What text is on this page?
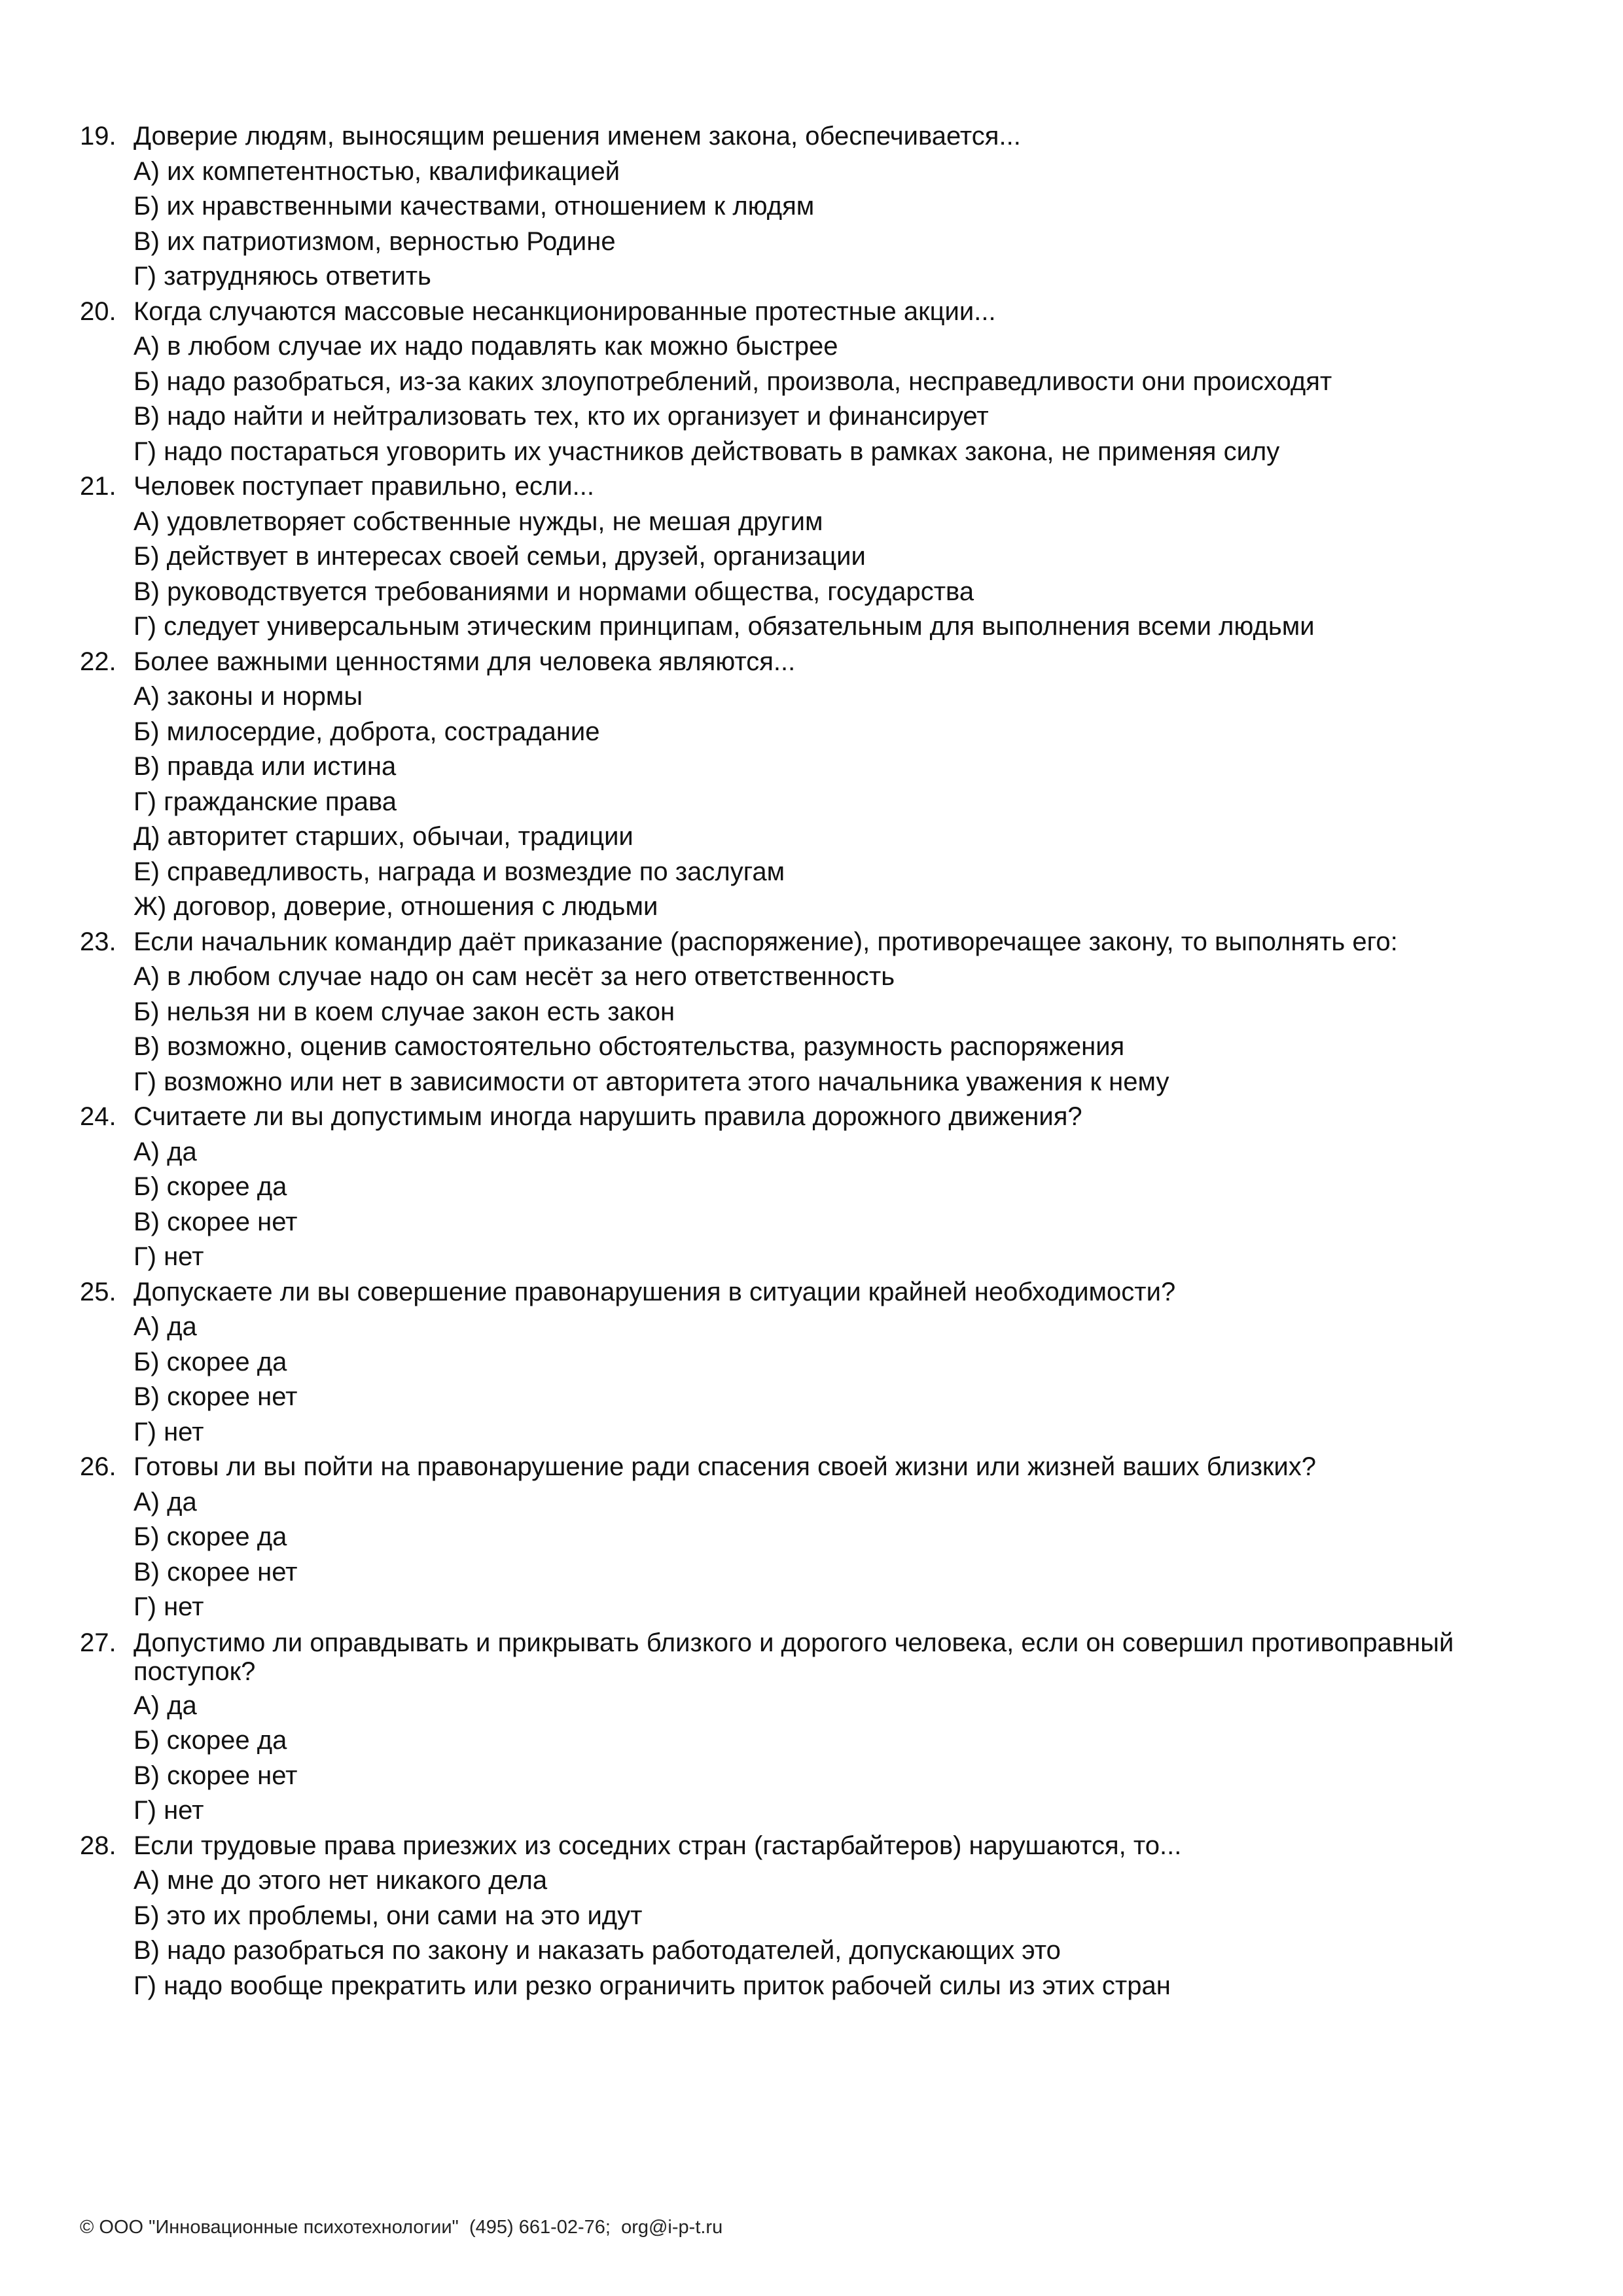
19. Доверие людям, выносящим решения именем закона, обеспечивается...
А) их компетентностью, квалификацией
Б) их нравственными качествами, отношением к людям
В) их патриотизмом, верностью Родине
Г) затрудняюсь ответить
20. Когда случаются массовые несанкционированные протестные акции...
А) в любом случае их надо подавлять как можно быстрее
Б) надо разобраться, из-за каких злоупотреблений, произвола, несправедливости они происходят
В) надо найти и нейтрализовать тех, кто их организует и финансирует
Г) надо постараться уговорить их участников действовать в рамках закона, не применяя силу
21. Человек поступает правильно, если...
А) удовлетворяет собственные нужды, не мешая другим
Б) действует в интересах своей семьи, друзей, организации
В) руководствуется требованиями и нормами общества, государства
Г) следует универсальным этическим принципам, обязательным для выполнения всеми людьми
22. Более важными ценностями для человека являются...
А) законы и нормы
Б) милосердие, доброта, сострадание
В) правда или истина
Г) гражданские права
Д) авторитет старших, обычаи, традиции
Е) справедливость, награда и возмездие по заслугам
Ж) договор, доверие, отношения с людьми
23. Если начальник командир даёт приказание (распоряжение), противоречащее закону, то выполнять его:
А) в любом случае надо он сам несёт за него ответственность
Б) нельзя ни в коем случае закон есть закон
В) возможно, оценив самостоятельно обстоятельства, разумность распоряжения
Г) возможно или нет в зависимости от авторитета этого начальника уважения к нему
24. Считаете ли вы допустимым иногда нарушить правила дорожного движения?
А) да
Б) скорее да
В) скорее нет
Г) нет
25. Допускаете ли вы совершение правонарушения в ситуации крайней необходимости?
А) да
Б) скорее да
В) скорее нет
Г) нет
26. Готовы ли вы пойти на правонарушение ради спасения своей жизни или жизней ваших близких?
А) да
Б) скорее да
В) скорее нет
Г) нет
27. Допустимо ли оправдывать и прикрывать близкого и дорогого человека, если он совершил противоправный поступок?
А) да
Б) скорее да
В) скорее нет
Г) нет
28. Если трудовые права приезжих из соседних стран (гастарбайтеров) нарушаются, то...
А) мне до этого нет никакого дела
Б) это их проблемы, они сами на это идут
В) надо разобраться по закону и наказать работодателей, допускающих это
Г) надо вообще прекратить или резко ограничить приток рабочей силы из этих стран
© ООО "Инновационные психотехнологии"  (495) 661-02-76;  org@i-p-t.ru
